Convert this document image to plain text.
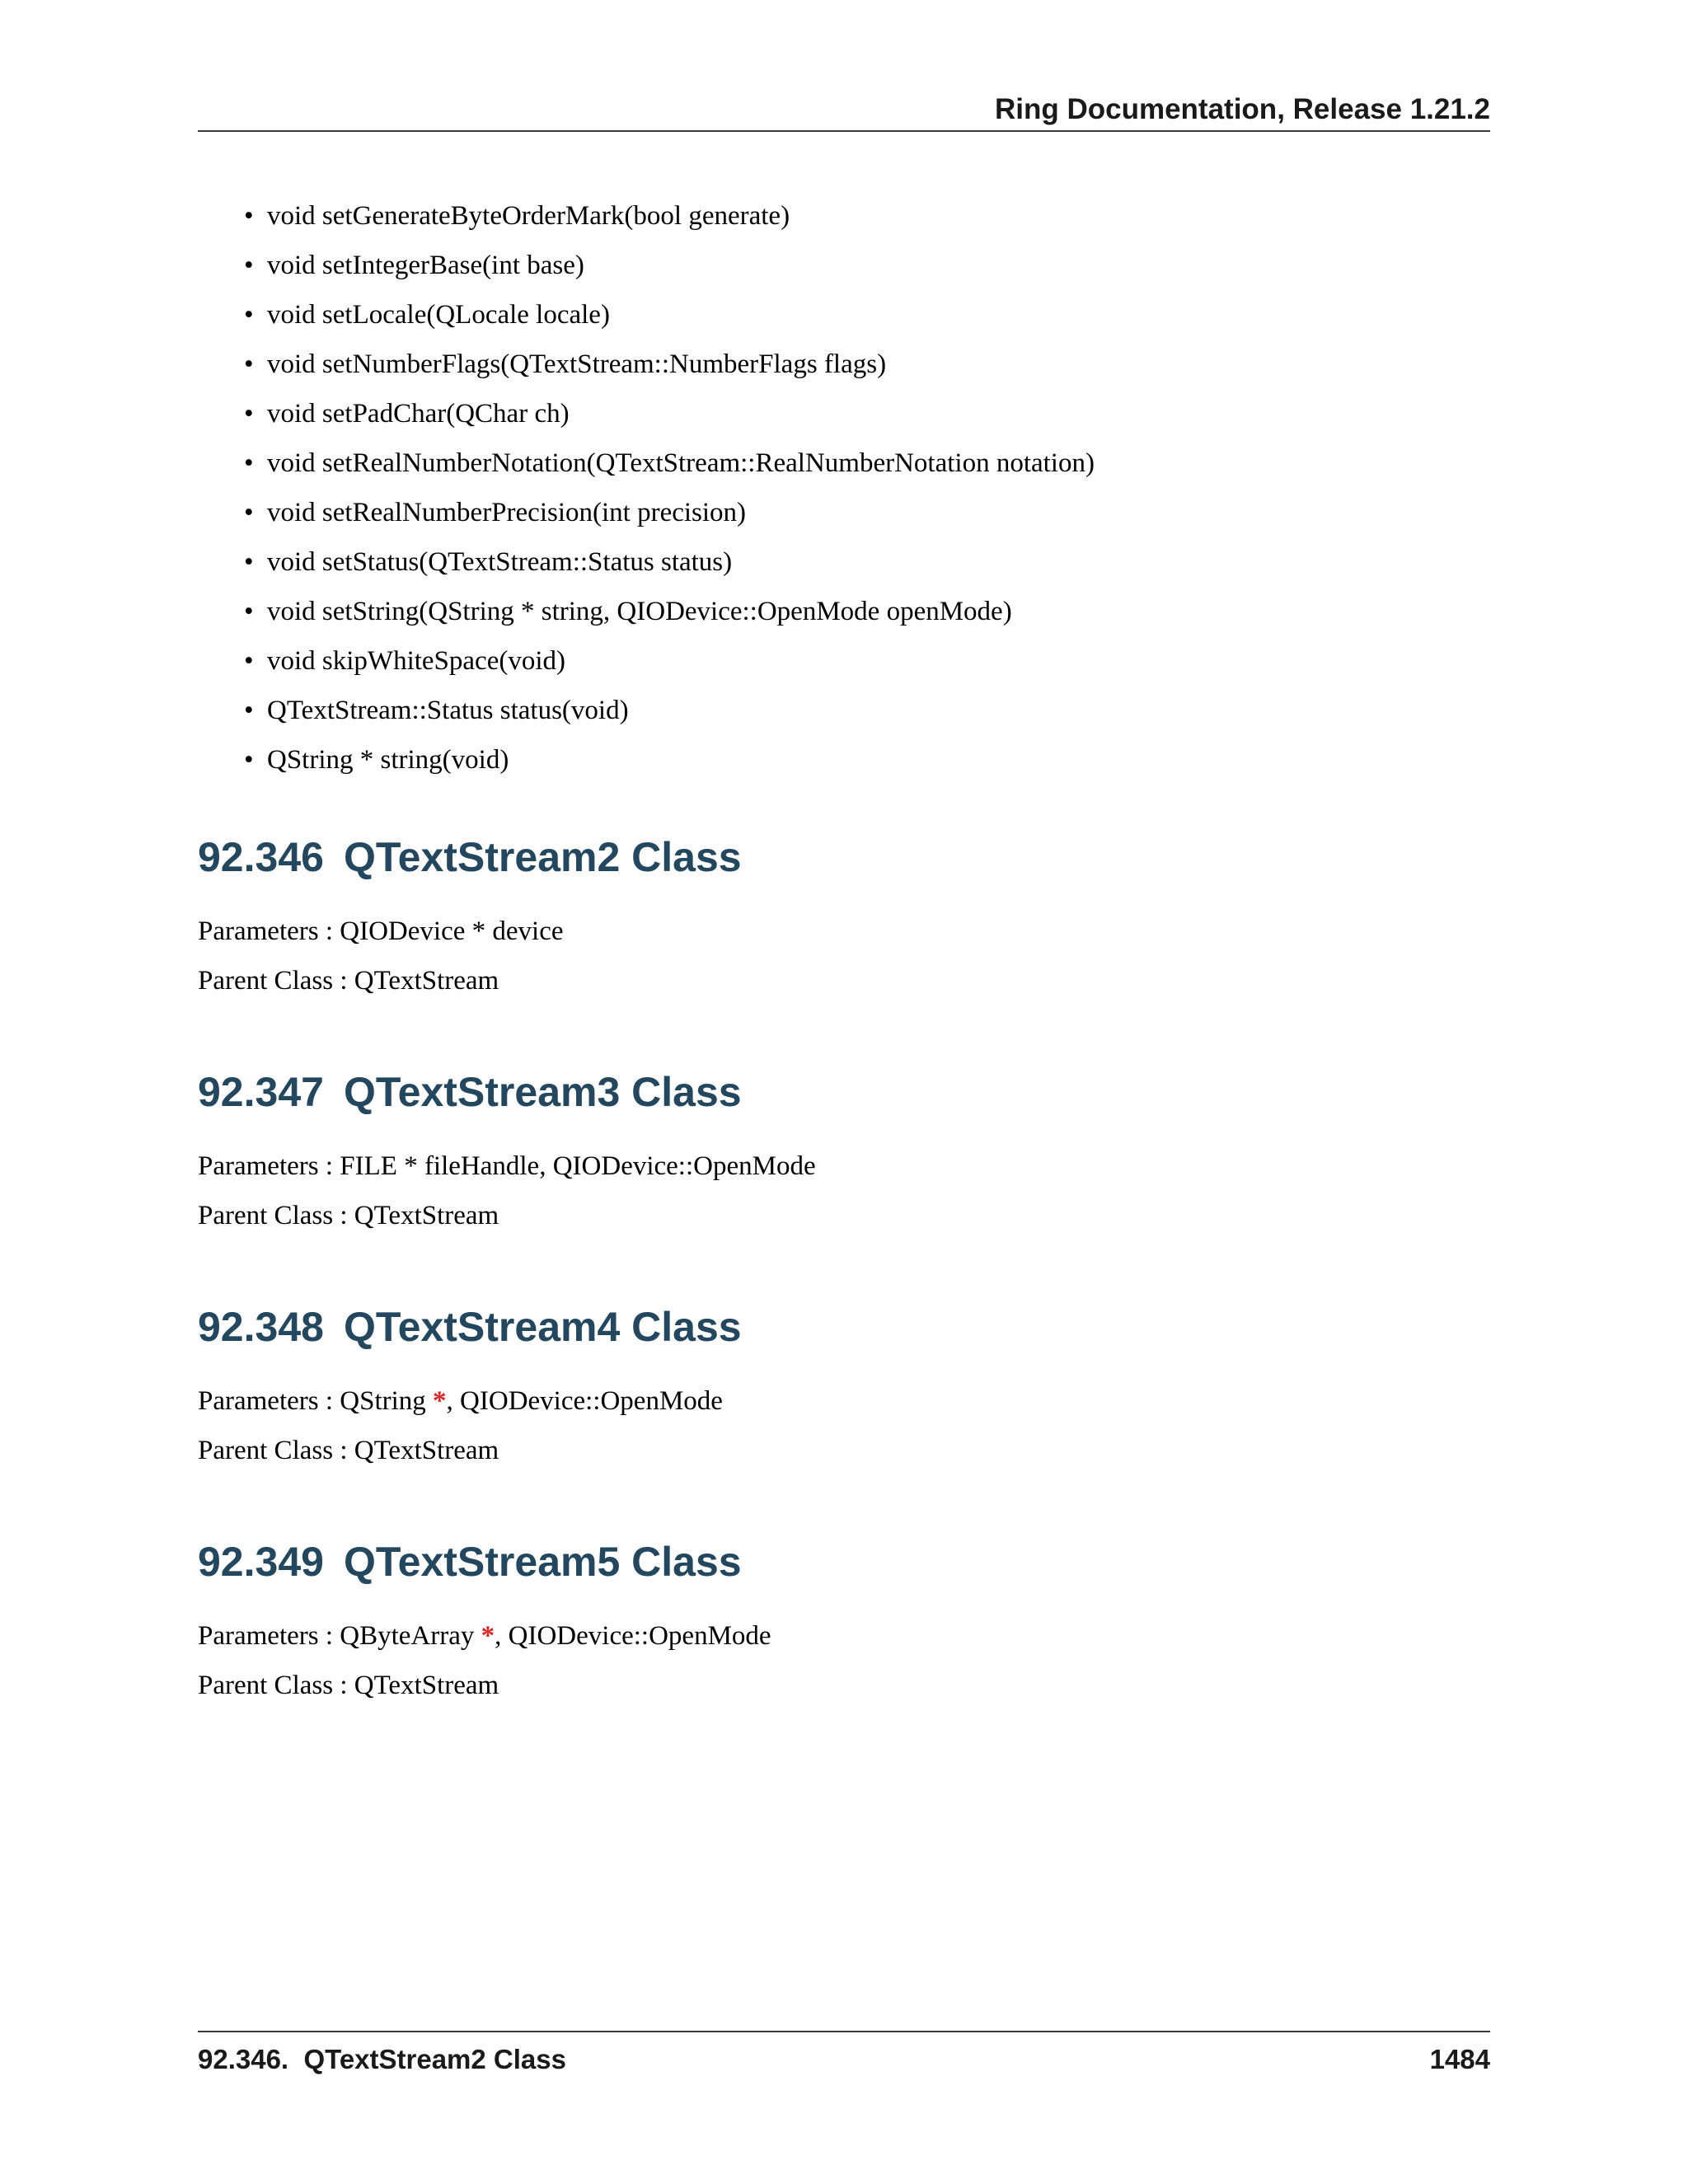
Ring Documentation, Release 1.21.2
• void setGenerateByteOrderMark(bool generate)
• void setIntegerBase(int base)
• void setLocale(QLocale locale)
• void setNumberFlags(QTextStream::NumberFlags flags)
• void setPadChar(QChar ch)
• void setRealNumberNotation(QTextStream::RealNumberNotation notation)
• void setRealNumberPrecision(int precision)
• void setStatus(QTextStream::Status status)
• void setString(QString * string, QIODevice::OpenMode openMode)
• void skipWhiteSpace(void)
• QTextStream::Status status(void)
• QString * string(void)
92.346 QTextStream2 Class
Parameters : QIODevice * device
Parent Class : QTextStream
92.347 QTextStream3 Class
Parameters : FILE * fileHandle, QIODevice::OpenMode
Parent Class : QTextStream
92.348 QTextStream4 Class
Parameters : QString *, QIODevice::OpenMode
Parent Class : QTextStream
92.349 QTextStream5 Class
Parameters : QByteArray *, QIODevice::OpenMode
Parent Class : QTextStream
92.346.  QTextStream2 Class	1484
